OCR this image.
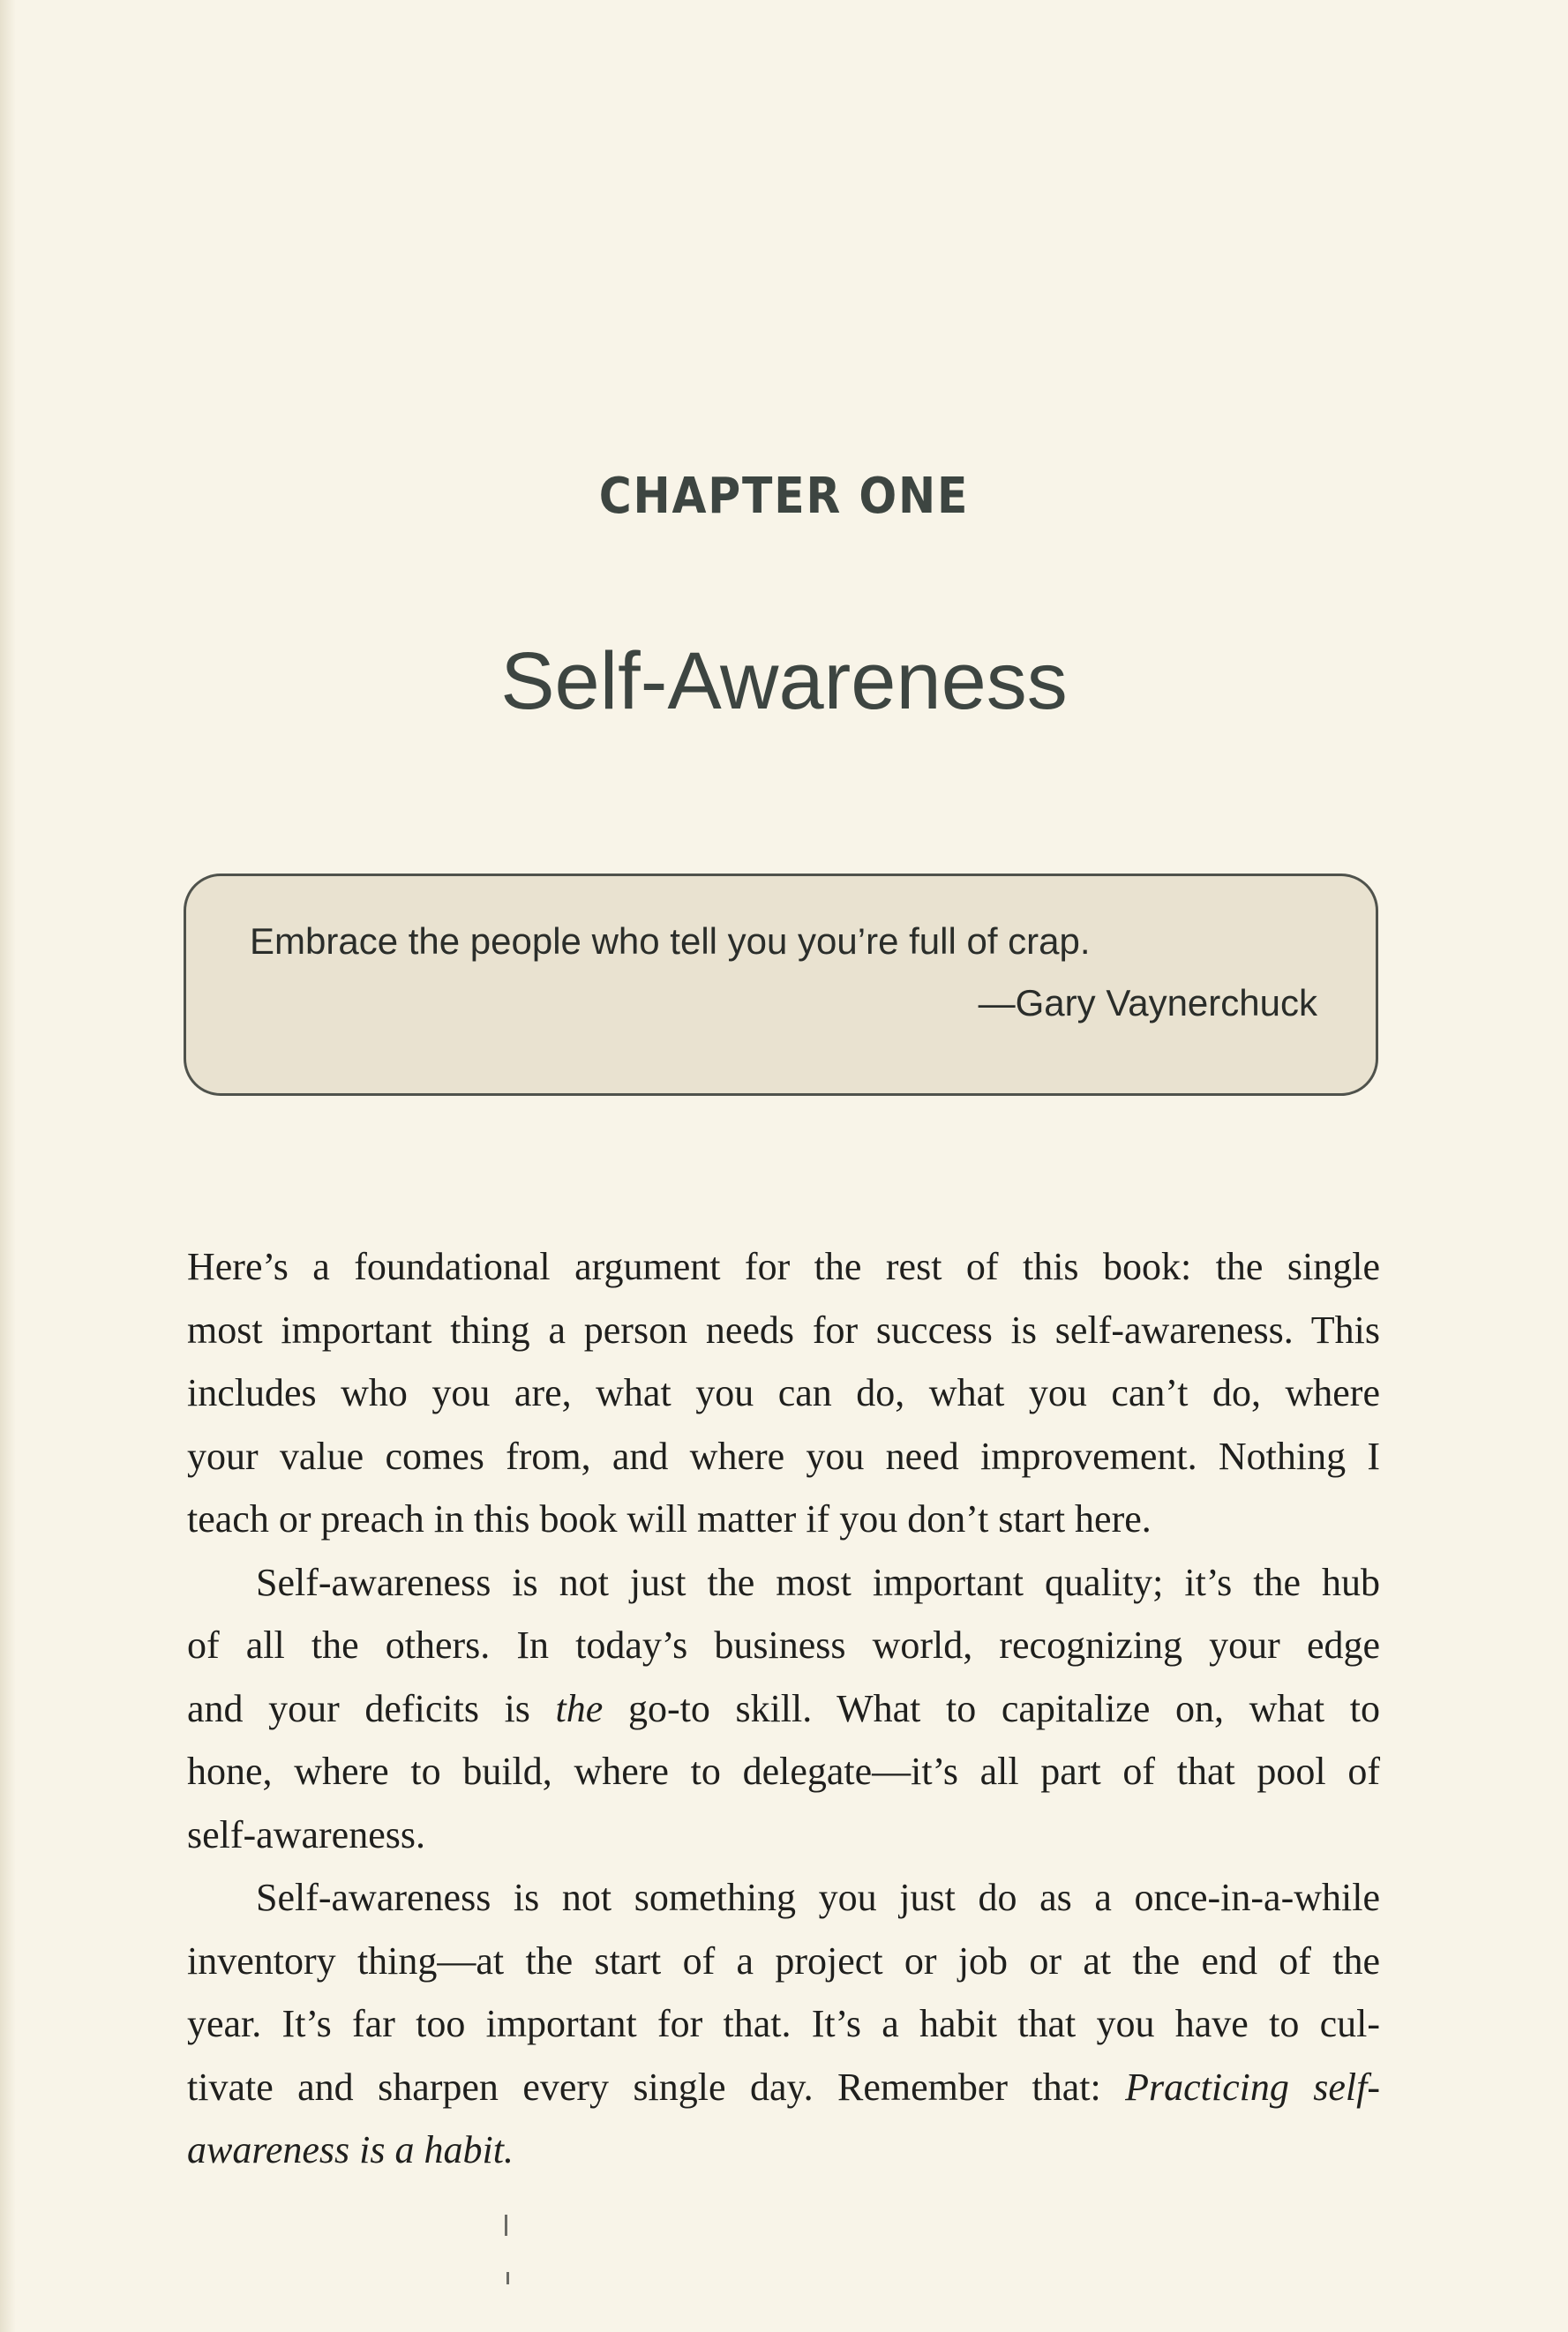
CHAPTER ONE
Self-Awareness
Embrace the people who tell you you’re full of crap.
—Gary Vaynerchuck
Here’s a foundational argument for the rest of this book: the single
most important thing a person needs for success is self-awareness. This
includes who you are, what you can do, what you can’t do, where
your value comes from, and where you need improvement. Nothing I
teach or preach in this book will matter if you don’t start here.
Self-awareness is not just the most important quality; it’s the hub
of all the others. In today’s business world, recognizing your edge
and your deficits is the go-to skill. What to capitalize on, what to
hone, where to build, where to delegate—it’s all part of that pool of
self-awareness.
Self-awareness is not something you just do as a once-in-a-while
inventory thing—at the start of a project or job or at the end of the
year. It’s far too important for that. It’s a habit that you have to cul-
tivate and sharpen every single day. Remember that: Practicing self-
awareness is a habit.
